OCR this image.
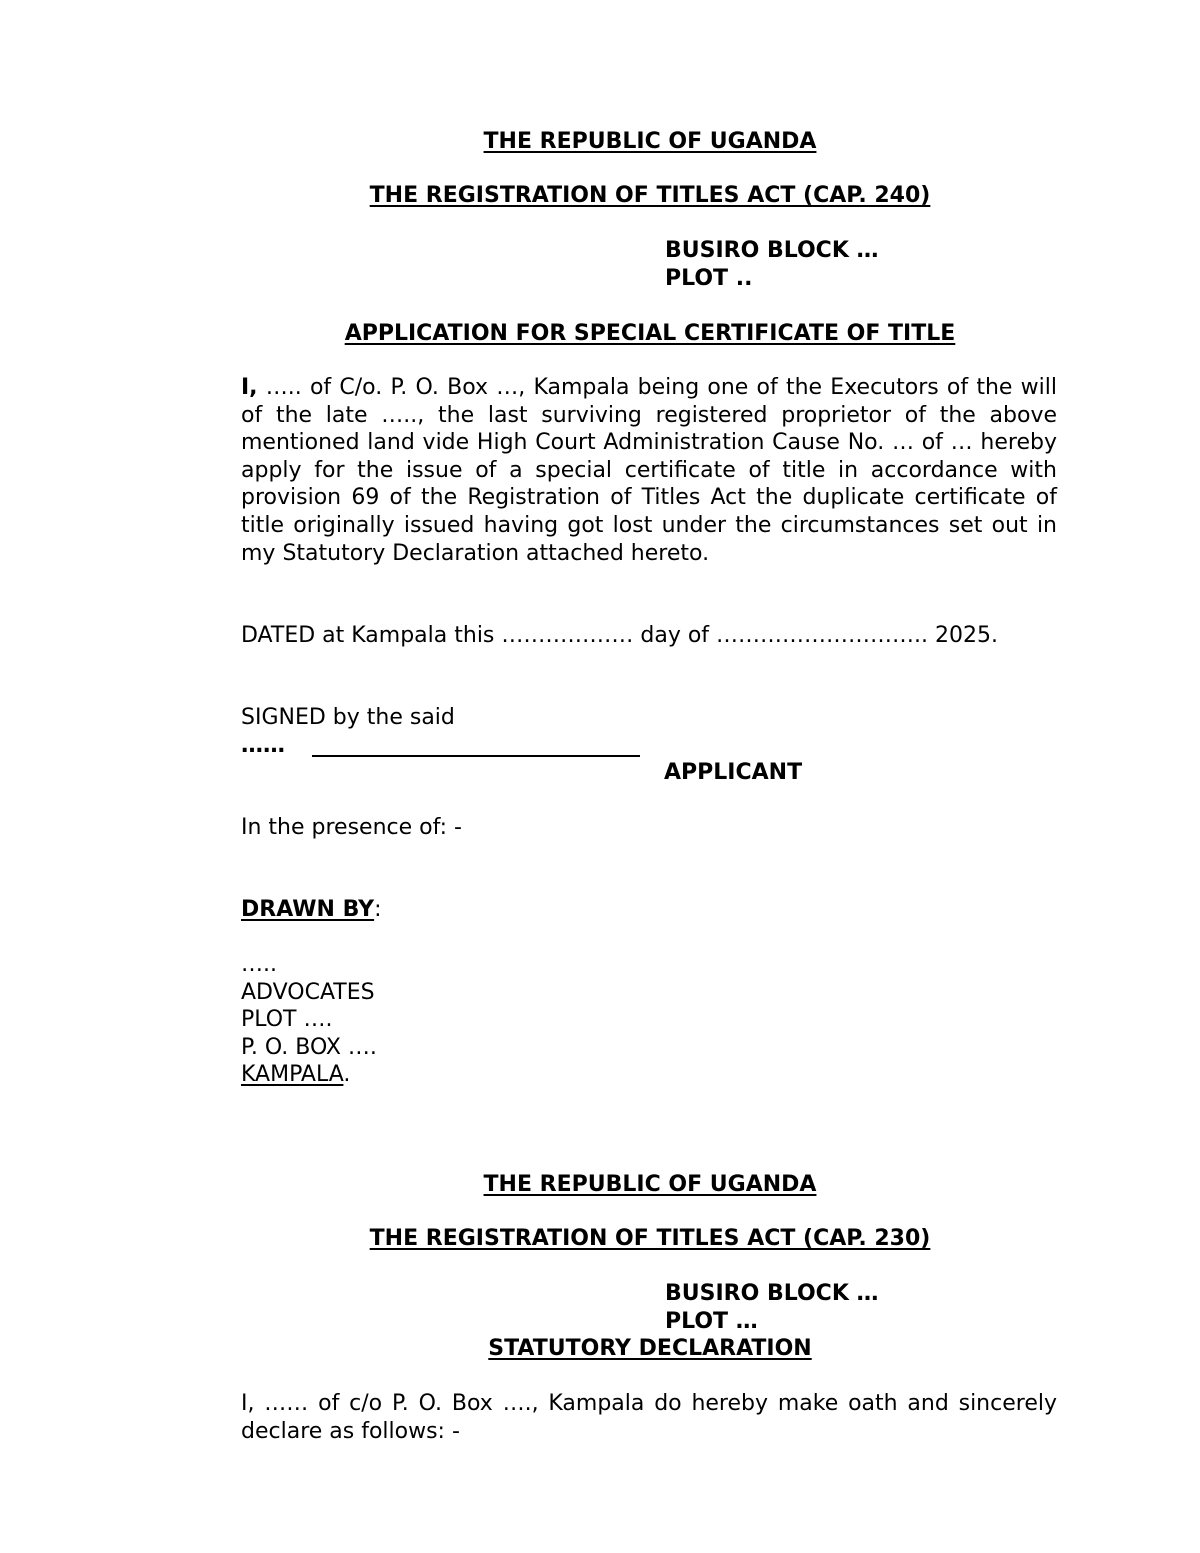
THE REPUBLIC OF UGANDA
THE REGISTRATION OF TITLES ACT (CAP. 240)
BUSIRO BLOCK …
PLOT ..
APPLICATION FOR SPECIAL CERTIFICATE OF TITLE
I, ….. of C/o. P. O. Box …, Kampala being one of the Executors of the will of the late ….., the last surviving registered proprietor of the above mentioned land vide High Court Administration Cause No. … of … hereby apply for the issue of a special certificate of title in accordance with provision 69 of the Registration of Titles Act the duplicate certificate of title originally issued having got lost under the circumstances set out in my Statutory Declaration attached hereto.
DATED at Kampala this ……………… day of ……………………….. 2025.
SIGNED by the said
……
APPLICANT
In the presence of: -
DRAWN BY:
…..
ADVOCATES
PLOT ….
P. O. BOX ….
KAMPALA.
THE REPUBLIC OF UGANDA
THE REGISTRATION OF TITLES ACT (CAP. 230)
BUSIRO BLOCK …
PLOT …
STATUTORY DECLARATION
I, …… of c/o P. O. Box …., Kampala do hereby make oath and sincerely declare as follows: -
